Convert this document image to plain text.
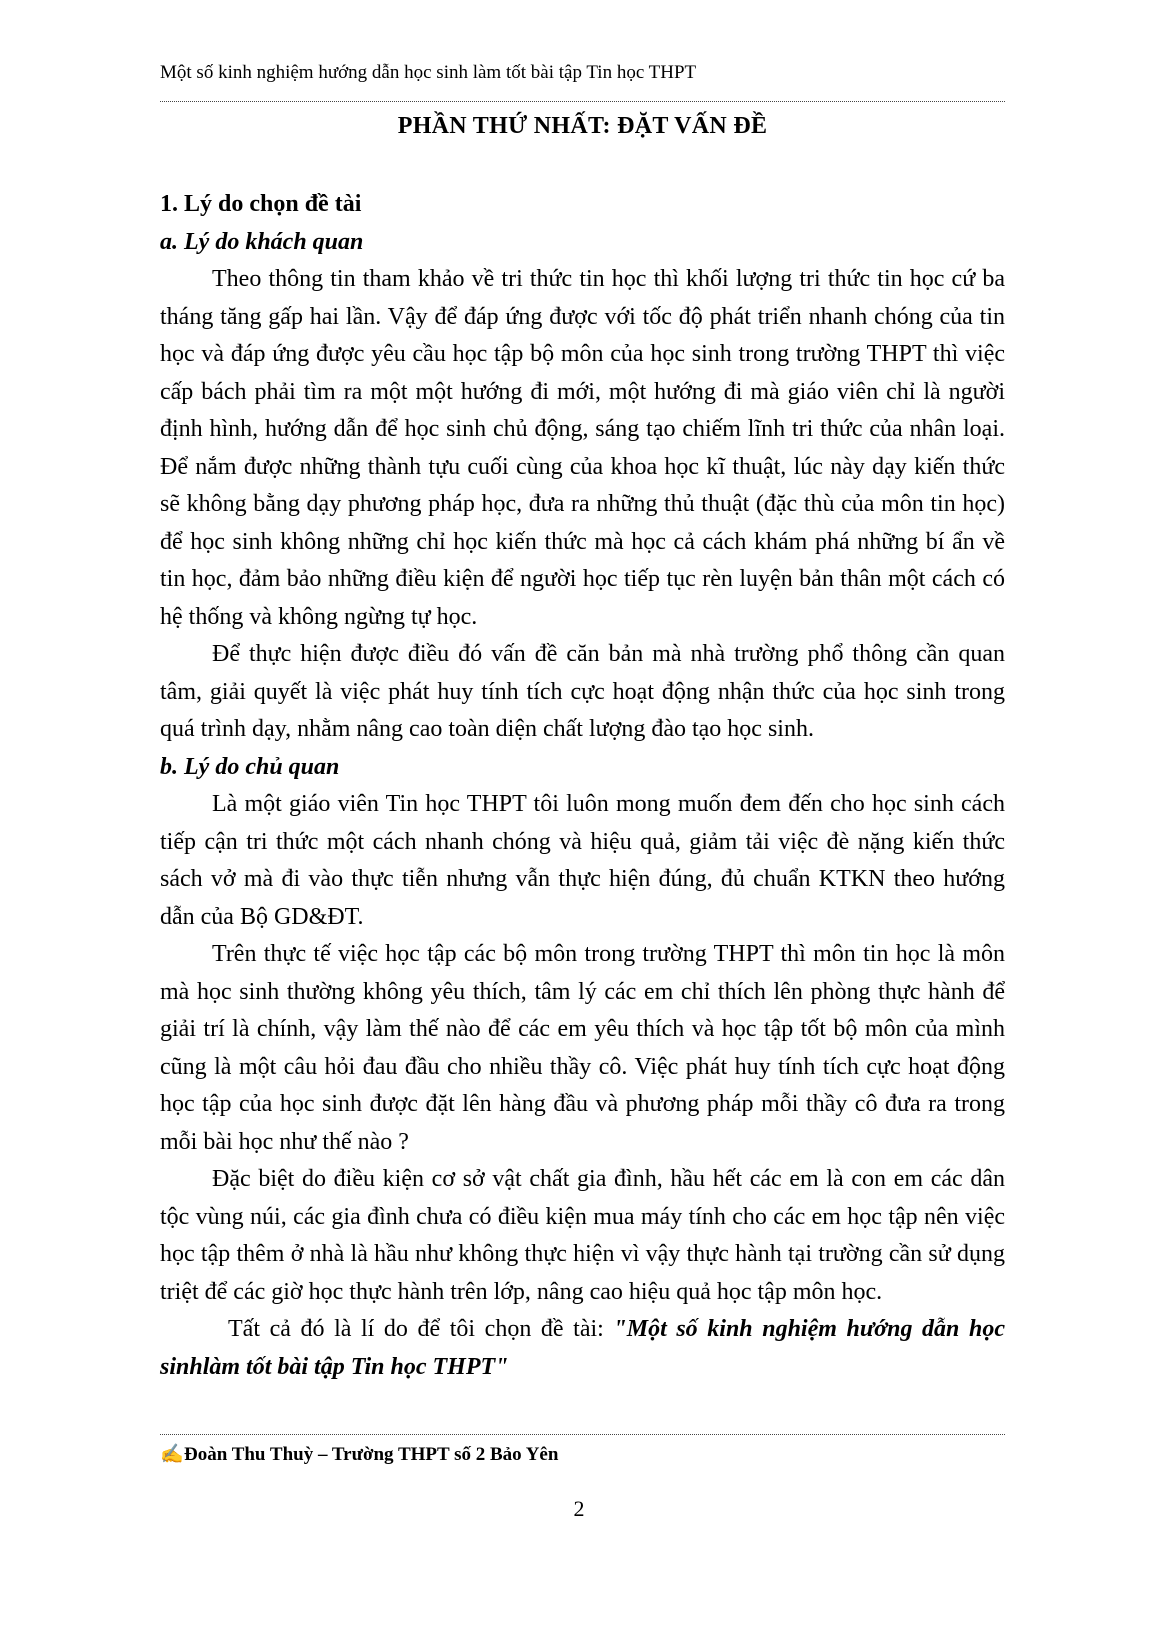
Một số kinh nghiệm hướng dẫn học sinh làm tốt bài tập Tin học THPT
PHẦN THỨ NHẤT: ĐẶT VẤN ĐỀ

1. Lý do chọn đề tài

a. Lý do khách quan

Theo thông tin tham khảo về tri thức tin học thì khối lượng tri thức tin học cứ ba tháng tăng gấp hai lần. Vậy để đáp ứng được với tốc độ phát triển nhanh chóng của tin học và đáp ứng được yêu cầu học tập bộ môn của học sinh trong trường THPT thì việc cấp bách phải tìm ra một một hướng đi mới, một hướng đi mà giáo viên chỉ là người định hình, hướng dẫn để học sinh chủ động, sáng tạo chiếm lĩnh tri thức của nhân loại. Để nắm được những thành tựu cuối cùng của khoa học kĩ thuật, lúc này dạy kiến thức sẽ không bằng dạy phương pháp học, đưa ra những thủ thuật (đặc thù của môn tin học) để học sinh không những chỉ học kiến thức mà học cả cách khám phá những bí ẩn về tin học, đảm bảo những điều kiện để người học tiếp tục rèn luyện bản thân một cách có hệ thống và không ngừng tự học.

Để thực hiện được điều đó vấn đề căn bản mà nhà trường phổ thông cần quan tâm, giải quyết là việc phát huy tính tích cực hoạt động nhận thức của học sinh trong quá trình dạy, nhằm nâng cao toàn diện chất lượng đào tạo học sinh.

b. Lý do chủ quan

Là một giáo viên Tin học THPT tôi luôn mong muốn đem đến cho học sinh cách tiếp cận tri thức một cách nhanh chóng và hiệu quả, giảm tải việc đè nặng kiến thức sách vở mà đi vào thực tiễn nhưng vẫn thực hiện đúng, đủ chuẩn KTKN theo hướng dẫn của Bộ GD&ĐT.

Trên thực tế việc học tập các bộ môn trong trường THPT thì môn tin học là môn mà học sinh thường không yêu thích, tâm lý các em chỉ thích lên phòng thực hành để giải trí là chính, vậy làm thế nào để các em yêu thích và học tập tốt bộ môn của mình cũng là một câu hỏi đau đầu cho nhiều thầy cô. Việc phát huy tính tích cực hoạt động học tập của học sinh được đặt lên hàng đầu và phương pháp mỗi thầy cô đưa ra trong mỗi bài học như thế nào ?

Đặc biệt do điều kiện cơ sở vật chất gia đình, hầu hết các em là con em các dân tộc vùng núi, các gia đình chưa có điều kiện mua máy tính cho các em học tập nên việc học tập thêm ở nhà là hầu như không thực hiện vì vậy thực hành tại trường cần sử dụng triệt để các giờ học thực hành trên lớp, nâng cao hiệu quả học tập môn học.

Tất cả đó là lí do để tôi chọn đề tài: "Một số kinh nghiệm hướng dẫn học sinhlàm tốt bài tập Tin học THPT"

✍Đoàn Thu Thuỳ – Trường THPT số 2 Bảo Yên
2
